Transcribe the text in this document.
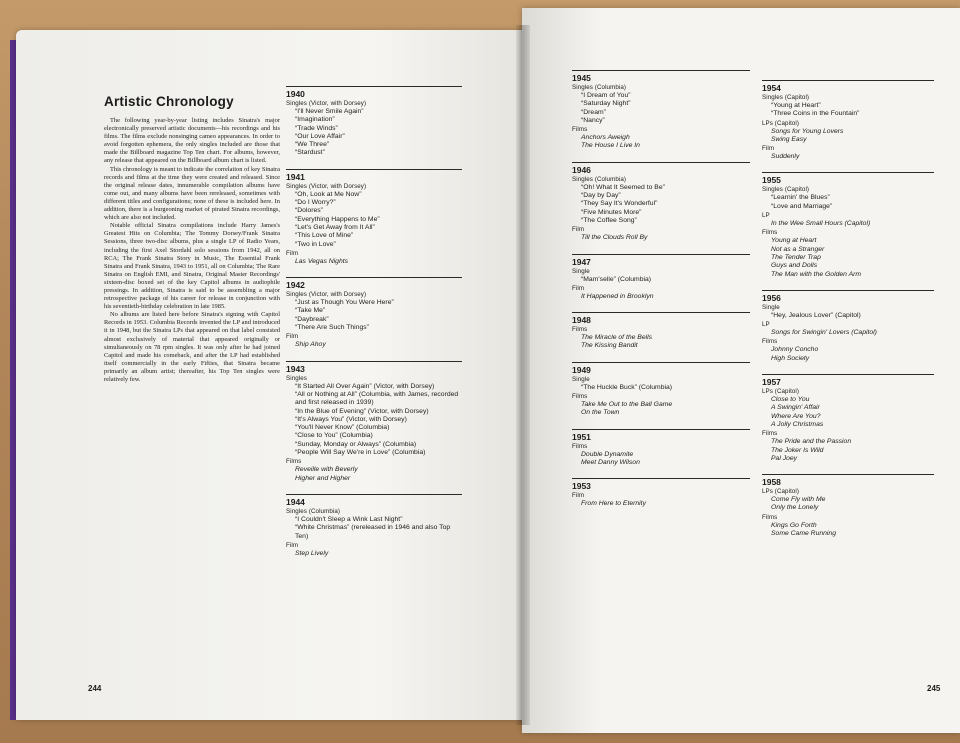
Artistic Chronology

The following year-by-year listing includes Sinatra's major electronically preserved artistic documents—his recordings and his films. The films exclude nonsinging cameo appearances. In order to avoid forgotten ephemera, the only singles included are those that made the Billboard magazine Top Ten chart. For albums, however, any release that appeared on the Billboard album chart is listed.

This chronology is meant to indicate the correlation of key Sinatra records and films at the time they were created and released. Since the original release dates, innumerable compilation albums have come out, and many albums have been rereleased, sometimes with different titles and configurations; none of these is included here. In addition, there is a burgeoning market of pirated Sinatra recordings, which are also not included.

Notable official Sinatra compilations include Harry James's Greatest Hits on Columbia; The Tommy Dorsey/Frank Sinatra Sessions, three two-disc albums, plus a single LP of Radio Years, including the first Axel Stordahl solo sessions from 1942, all on RCA; The Frank Sinatra Story in Music, The Essential Frank Sinatra and Frank Sinatra, 1943 to 1951, all on Columbia; The Rare Sinatra on English EMI, and Sinatra, Original Master Recordings' sixteen-disc boxed set of the key Capitol albums in audiophile pressings. In addition, Sinatra is said to be assembling a major retrospective package of his career for release in conjunction with his seventieth-birthday celebration in late 1985.

No albums are listed here before Sinatra's signing with Capitol Records in 1953. Columbia Records invented the LP and introduced it in 1948, but the Sinatra LPs that appeared on that label consisted almost exclusively of material that appeared originally or simultaneously on 78 rpm singles. It was only after he had joined Capitol and made his comeback, and after the LP had established itself commercially in the early Fifties, that Sinatra became primarily an album artist; thereafter, his Top Ten singles were relatively few.

1940
Singles (Victor, with Dorsey)
“I'll Never Smile Again”
“Imagination”
“Trade Winds”
“Our Love Affair”
“We Three”
“Stardust”
1941
Singles (Victor, with Dorsey)
“Oh, Look at Me Now”
“Do I Worry?”
“Dolores”
“Everything Happens to Me”
“Let's Get Away from It All”
“This Love of Mine”
“Two in Love”
Film
Las Vegas Nights
1942
Singles (Victor, with Dorsey)
“Just as Though You Were Here”
“Take Me”
“Daybreak”
“There Are Such Things”
Film
Ship Ahoy
1943
Singles
“It Started All Over Again” (Victor, with Dorsey)
“All or Nothing at All” (Columbia, with James, recorded and first released in 1939)
“In the Blue of Evening” (Victor, with Dorsey)
“It's Always You” (Victor, with Dorsey)
“You'll Never Know” (Columbia)
“Close to You” (Columbia)
“Sunday, Monday or Always” (Columbia)
“People Will Say We're in Love” (Columbia)
Films
Reveille with Beverly
Higher and Higher
1944
Singles (Columbia)
“I Couldn't Sleep a Wink Last Night”
“White Christmas” (rereleased in 1946 and also Top Ten)
Film
Step Lively
1945
Singles (Columbia)
“I Dream of You”
“Saturday Night”
“Dream”
“Nancy”
Films
Anchors Aweigh
The House I Live In
1946
Singles (Columbia)
“Oh! What It Seemed to Be”
“Day by Day”
“They Say It's Wonderful”
“Five Minutes More”
“The Coffee Song”
Film
Till the Clouds Roll By
1947
Single
“Mam'selle” (Columbia)
Film
It Happened in Brooklyn
1948
Films
The Miracle of the Bells
The Kissing Bandit
1949
Single
“The Huckle Buck” (Columbia)
Films
Take Me Out to the Ball Game
On the Town
1951
Films
Double Dynamite
Meet Danny Wilson
1953
Film
From Here to Eternity
1954
Singles (Capitol)
“Young at Heart”
“Three Coins in the Fountain”
LPs (Capitol)
Songs for Young Lovers
Swing Easy
Film
Suddenly
1955
Singles (Capitol)
“Learnin' the Blues”
“Love and Marriage”
LP
In the Wee Small Hours (Capitol)
Films
Young at Heart
Not as a Stranger
The Tender Trap
Guys and Dolls
The Man with the Golden Arm
1956
Single
“Hey, Jealous Lover” (Capitol)
LP
Songs for Swingin' Lovers (Capitol)
Films
Johnny Concho
High Society
1957
LPs (Capitol)
Close to You
A Swingin' Affair
Where Are You?
A Jolly Christmas
Films
The Pride and the Passion
The Joker Is Wild
Pal Joey
1958
LPs (Capitol)
Come Fly with Me
Only the Lonely
Films
Kings Go Forth
Some Came Running
244	245
